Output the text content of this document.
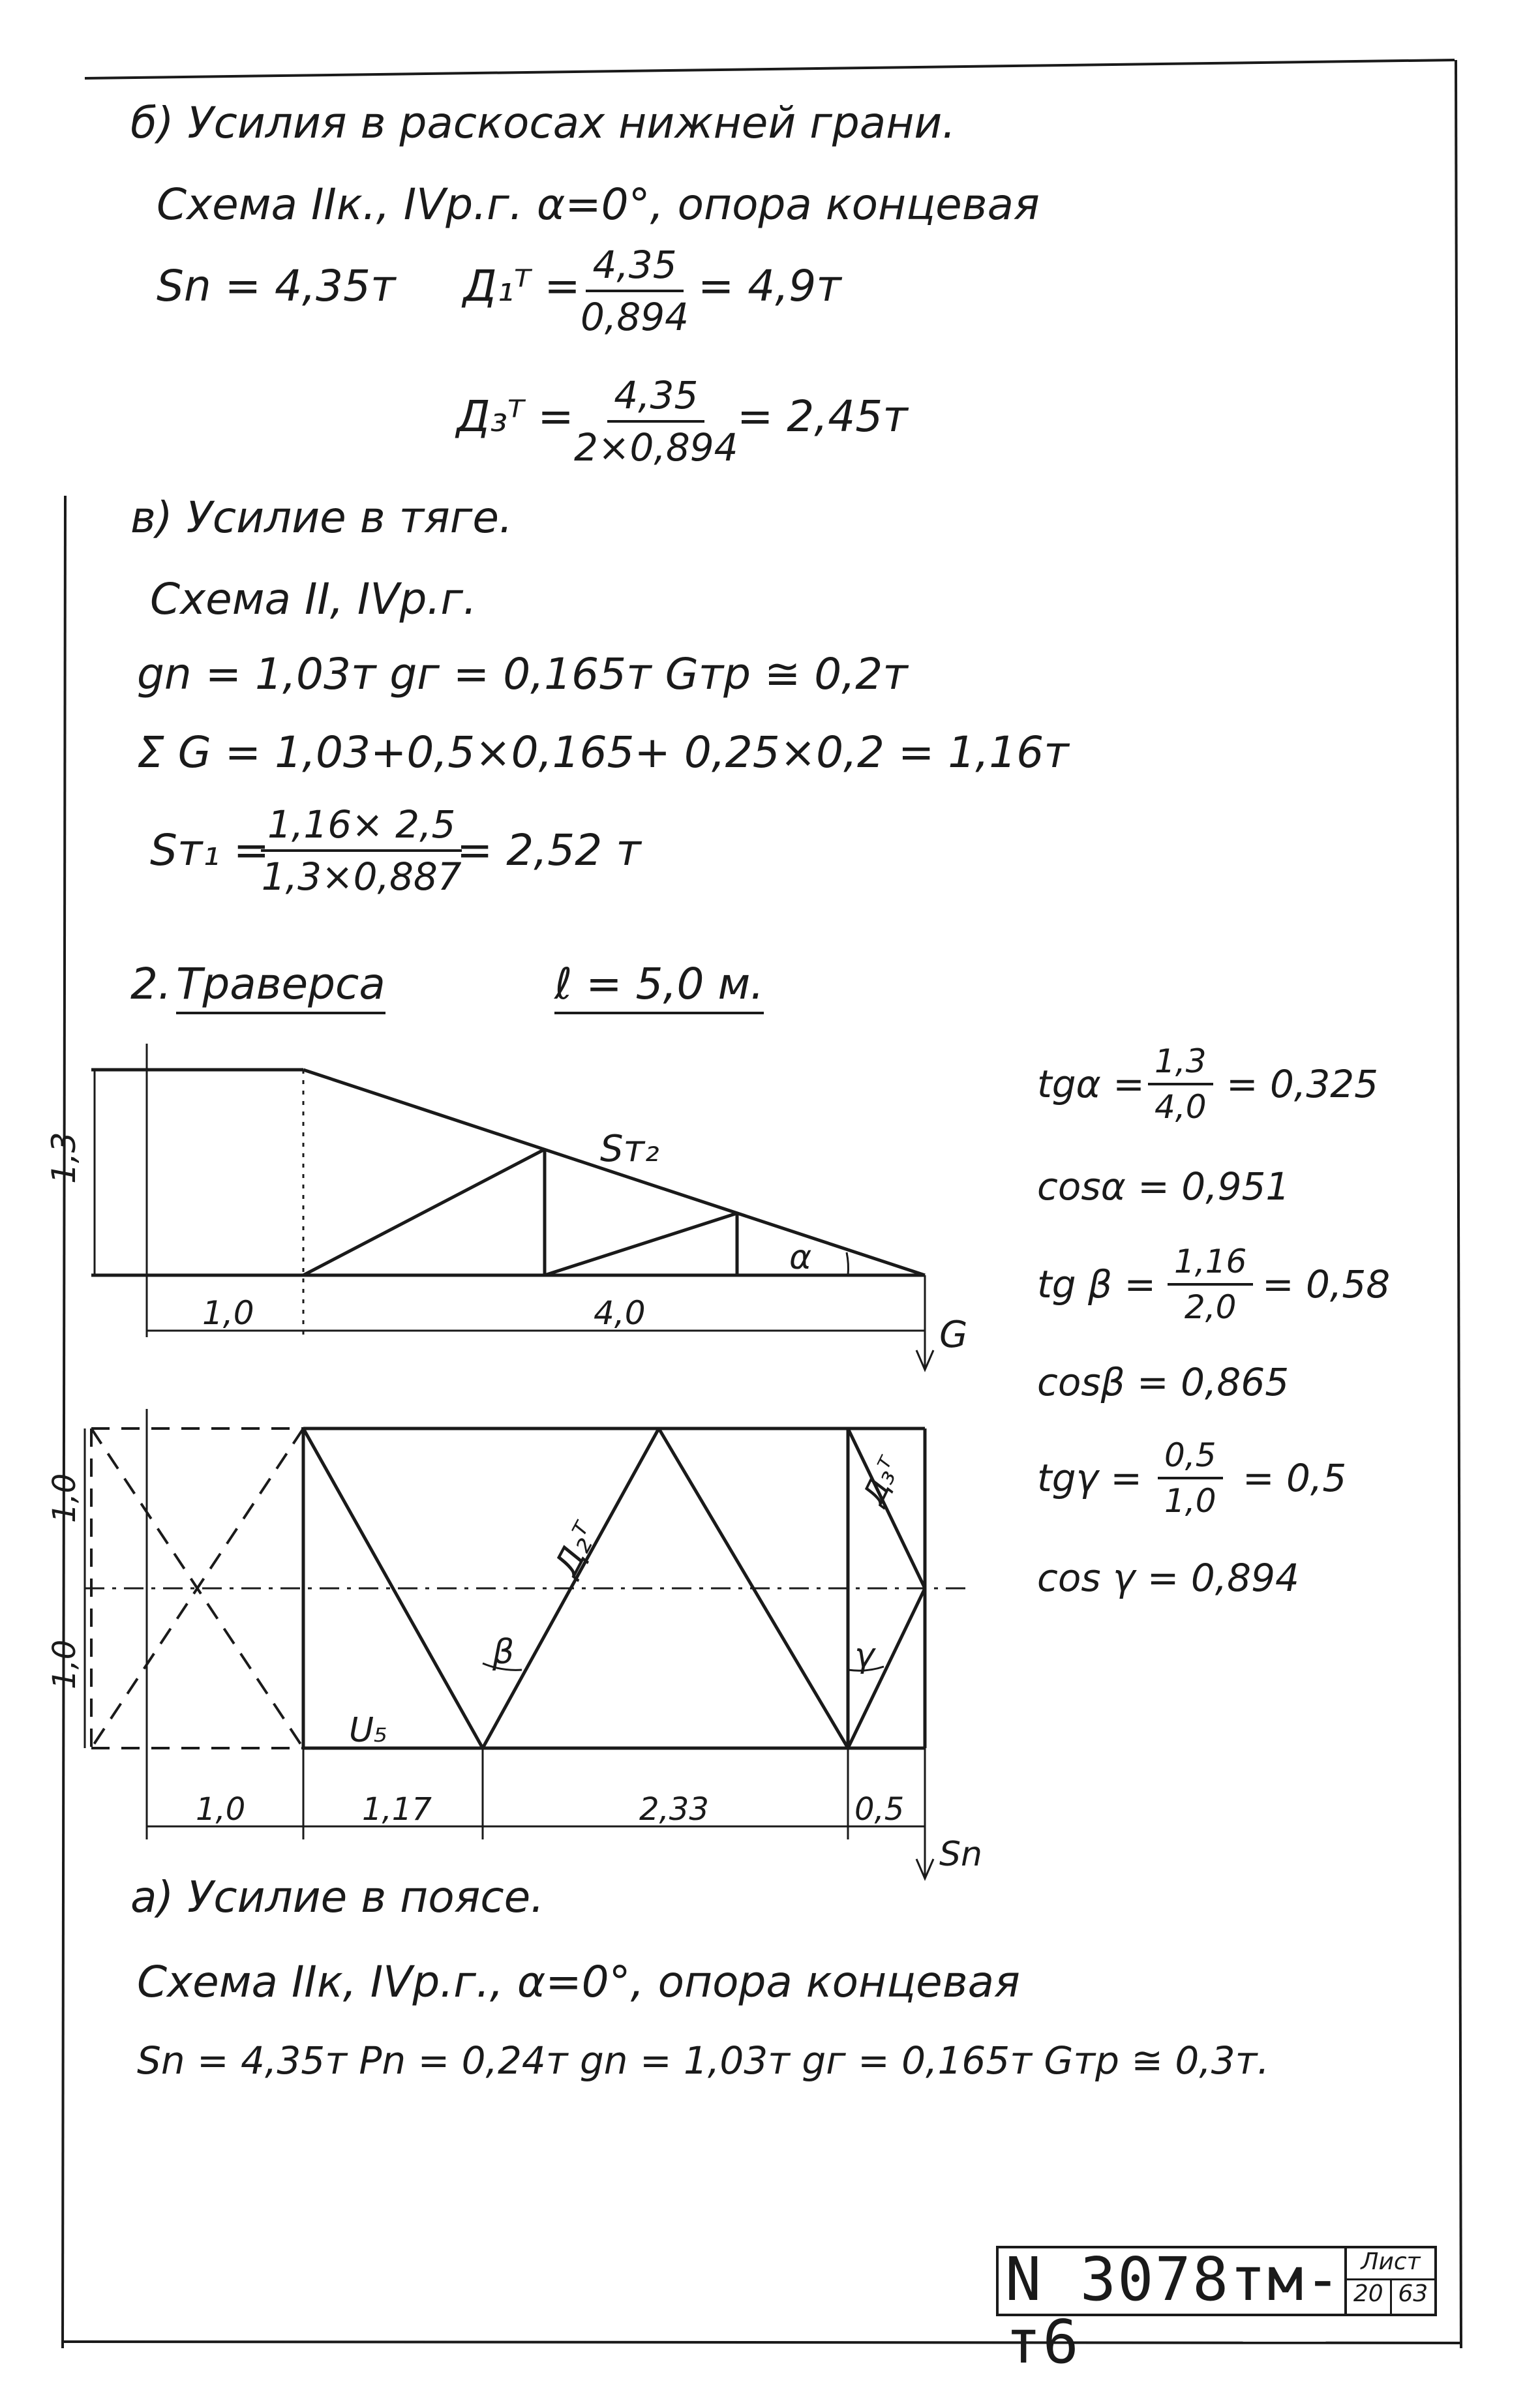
б) Усилия в раскосах нижней грани.
Схема IIк., IVр.г. α=0°, опора концевая
Sn = 4,35т Д₁ᵀ = $\frac{4,35}{0,894} = 4,9т$
Д₃ᵀ = $\frac{4,35}{2\times 0,894}$
= 2,45т
в) Усилие в тяге.
Схема II, IVр.г.
gn = 1,03т gг = 0,165т Gтр ≅ 0,2т
Σ G = 1,03+0,5×0,165+ 0,25×0,2 = 1,16т
Sт₁ =
$\frac{1,16\times 2,5}{1,3\times 0,887}$
= 2,52 т
2. Траверса	ℓ = 5,0 м.
$tg\alpha = \frac{1,3}{4,0} = 0,325$
cosα = 0,951
tg $\beta = \frac{1,16}{2,0} = 0,58$
cosβ = 0,865
$tg\gamma = \frac{0,5}{1,0} = 0,5$
cos γ = 0,894
1,3
1,0	4,0
Sт₂
α
G
1,0
1,0
Д₂ᵀ
Д₃ᵀ
β	γ
U₅
1,0	1,17	2,33	0,5
Sn
а) Усилие в поясе.
Схема IIк, IVр.г., α=0°, опора концевая
Sn = 4,35т Pn = 0,24т gn = 1,03т gг = 0,165т Gтр ≅ 0,3т.
N 3078тм-т6
Лист
20 63
